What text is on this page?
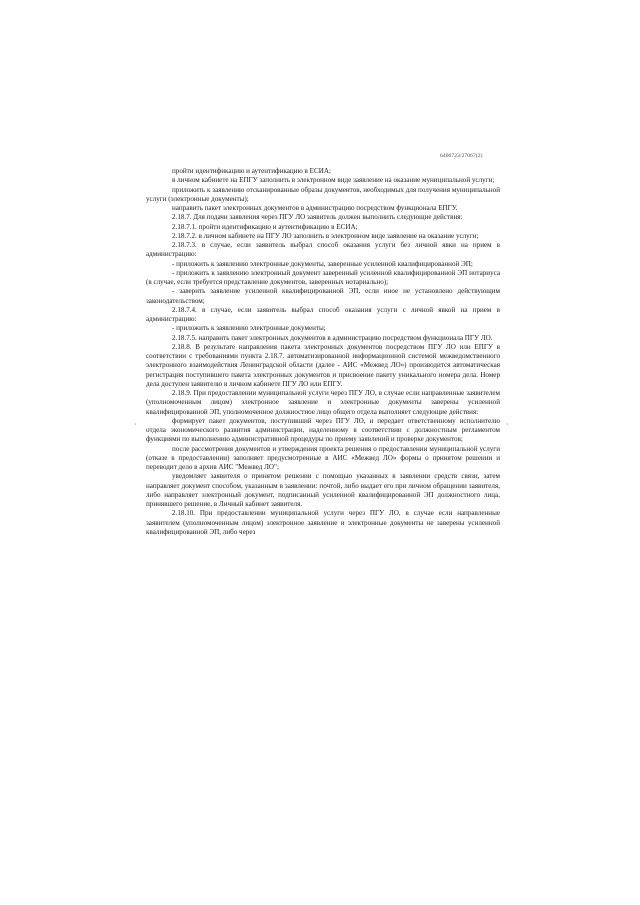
6406723/27067(2)

пройти идентификацию и аутентификацию в ЕСИА;

в личном кабинете на ЕПГУ заполнить в электронном виде заявление на оказание муниципальной услуги;

приложить к заявлению отсканированные образы документов, необходимых для получения муниципальной услуги (электронные документы);

направить пакет электронных документов в администрацию посредством функционала ЕПГУ.

2.18.7. Для подачи заявления через ПГУ ЛО заявитель должен выполнить следующие действия:

2.18.7.1. пройти идентификацию и аутентификацию в ЕСИА;

2.18.7.2. в личном кабинете на ПГУ ЛО заполнить в электронном виде заявление на оказание услуги;

2.18.7.3. в случае, если заявитель выбрал способ оказания услуги без личной явки на прием в администрацию:

- приложить к заявлению электронные документы, заверенные усиленной квалифицированной ЭП;

- приложить к заявлению электронный документ заверенный усиленной квалифицированной ЭП нотариуса (в случае, если требуется представление документов, заверенных нотариально);

- заверить заявление усиленной квалифицированной ЭП, если иное не установлено действующим законодательством;

2.18.7.4. в случае, если заявитель выбрал способ оказания услуги с личной явкой на прием в администрацию:

- приложить к заявлению электронные документы;

2.18.7.5. направить пакет электронных документов в администрацию посредством функционала ПГУ ЛО.

2.18.8. В результате направления пакета электронных документов посредством ПГУ ЛО или ЕПГУ в соответствии с требованиями пункта 2.18.7. автоматизированной информационной системой межведомственного электронного взаимодействия Ленинградской области (далее - АИС «Межвед ЛО») производится автоматическая регистрация поступившего пакета электронных документов и присвоение пакету уникального номера дела. Номер дела доступен заявителю в личном кабинете ПГУ ЛО или ЕПГУ.

2.18.9. При предоставлении муниципальной услуги через ПГУ ЛО, в случае если направленные заявителем (уполномоченным лицом) электронное заявление и электронные документы заверены усиленной квалифицированной ЭП, уполномоченное должностное лицо общего отдела выполняет следующие действия:

формирует пакет документов, поступивший через ПГУ ЛО, и передает ответственному исполнителю отдела экономического развития администрации, наделенному в соответствии с должностным регламентом функциями по выполнению административной процедуры по приему заявлений и проверке документов;

после рассмотрения документов и утверждения проекта решения о предоставлении муниципальной услуги (отказе в предоставлении) заполняет предусмотренные в АИС «Межвед ЛО» формы о принятом решении и переводит дело в архив АИС "Межвед ЛО";

уведомляет заявителя о принятом решении с помощью указанных в заявлении средств связи, затем направляет документ способом, указанным в заявлении: почтой, либо выдает его при личном обращении заявителя, либо направляет электронный документ, подписанный усиленной квалифицированной ЭП должностного лица, принявшего решение, в Личный кабинет заявителя.

2.18.10. При предоставлении муниципальной услуги через ПГУ ЛО, в случае если направленные заявителем (уполномоченным лицом) электронное заявление и электронные документы не заверены усиленной квалифицированной ЭП, либо через

·
·
